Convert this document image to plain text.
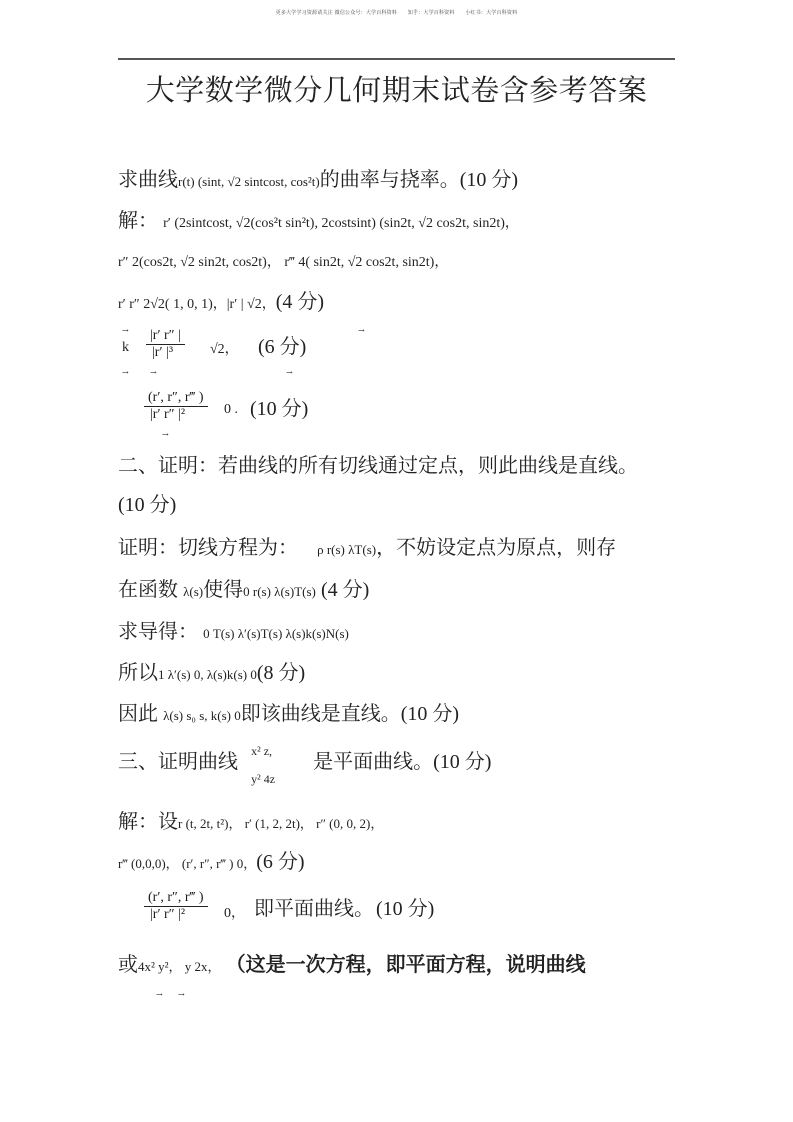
更多大学学习资源请关注 微信公众号：大学百科资料      知乎：大学百科资料      小红书：大学百科资料
大学数学微分几何期末试卷含参考答案
求曲线r(t) (sint, √2 sintcost, cos²t)的曲率与挠率。(10 分)
解： r′ (2sintcost, √2(cos²t sin²t), 2costsint) (sin2t, √2 cos2t, sin2t)，
r″ 2(cos2t, √2 sin2t, cos2t)， r‴ 4( sin2t, √2 cos2t, sin2t)，
r′ r″ 2√2( 1, 0, 1)，|r′ | √2，(4 分)
→
k
|r′ r″ |
|r′ |³	√2， (6 分)
→
→	→	→
(r′, r″, r‴ )
|r′ r″ |²	0 . (10 分)
→
二、证明：若曲线的所有切线通过定点，则此曲线是直线。
(10 分)
证明：切线方程为： ρ r(s) λT(s)，不妨设定点为原点，则存
在函数 λ(s)使得0 r(s) λ(s)T(s) (4 分)
求导得： 0 T(s) λ′(s)T(s) λ(s)k(s)N(s)
所以1 λ′(s) 0, λ(s)k(s) 0(8 分)
因此 λ(s) s₀ s, k(s) 0即该曲线是直线。(10 分)
三、证明曲线 x² z,
y² 4z
是平面曲线。(10 分)
解：设r (t, 2t, t²)， r′ (1, 2, 2t)， r″ (0, 0, 2)，
r‴ (0,0,0)， (r′, r″, r‴ ) 0，(6 分)
(r′, r″, r‴ )
|r′ r″ |²	0， 即平面曲线。 (10 分)
或4x² y²， y 2x， （这是一次方程，即平面方程，说明曲线
→ →
